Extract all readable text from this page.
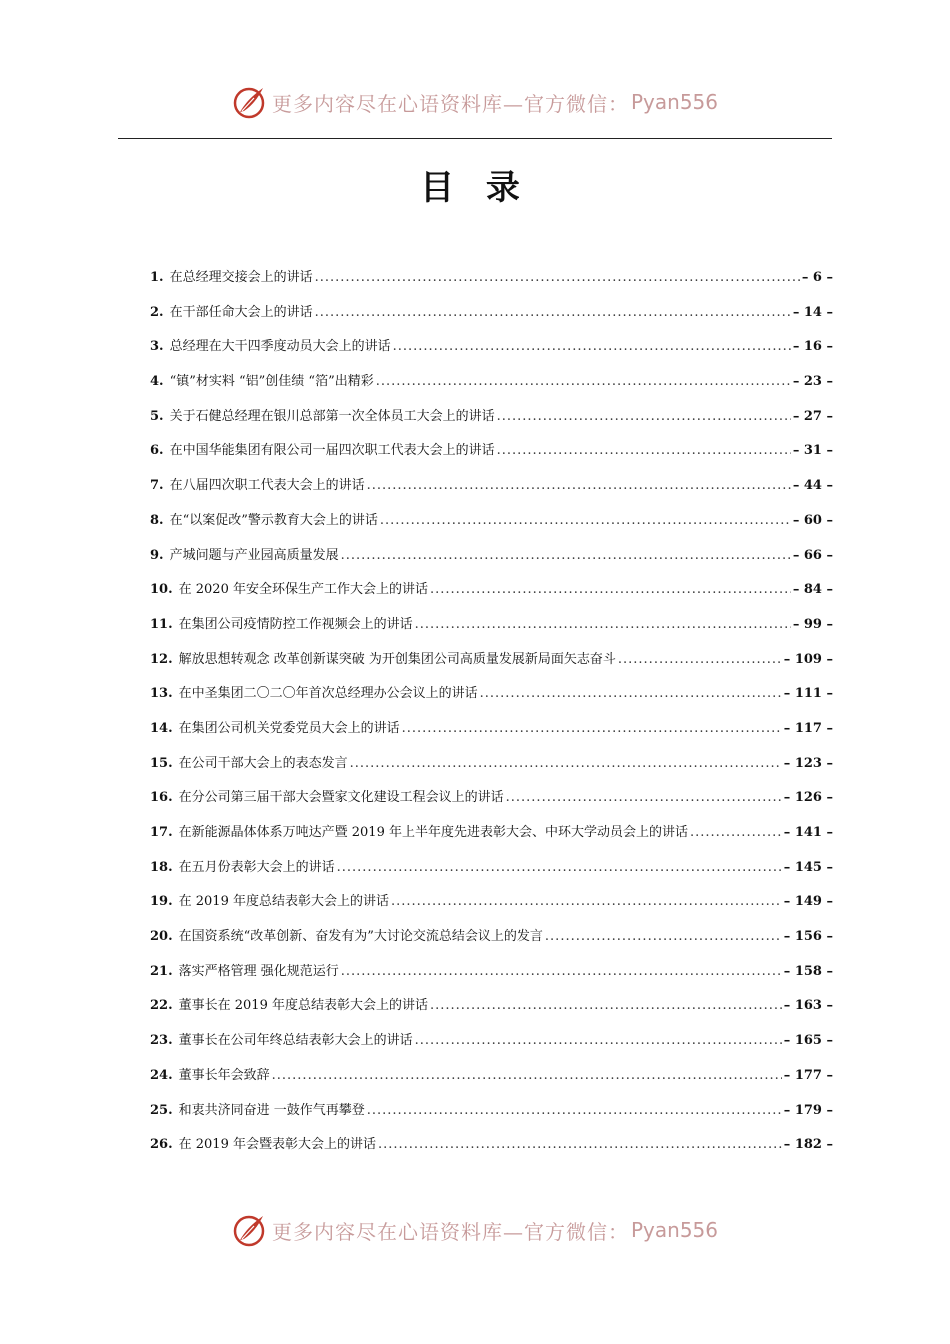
更多内容尽在心语资料库—官方微信： Pyan556
目 录
1. 在总经理交接会上的讲话 .....	– 6 –
2. 在干部任命大会上的讲话 .....	– 14 –
3. 总经理在大干四季度动员大会上的讲话 .....	– 16 –
4. “镇”材实料 “铝”创佳绩 “箔”出精彩 .....	– 23 –
5. 关于石健总经理在银川总部第一次全体员工大会上的讲话 .....	– 27 –
6. 在中国华能集团有限公司一届四次职工代表大会上的讲话 .....	– 31 –
7. 在八届四次职工代表大会上的讲话 .....	– 44 –
8. 在“以案促改”警示教育大会上的讲话 .....	– 60 –
9. 产城问题与产业园高质量发展 .....	– 66 –
10. 在 2020 年安全环保生产工作大会上的讲话 .....	– 84 –
11. 在集团公司疫情防控工作视频会上的讲话 .....	– 99 –
12. 解放思想转观念 改革创新谋突破 为开创集团公司高质量发展新局面矢志奋斗 .....	– 109 –
13. 在中圣集团二〇二〇年首次总经理办公会议上的讲话 .....	– 111 –
14. 在集团公司机关党委党员大会上的讲话 .....	– 117 –
15. 在公司干部大会上的表态发言 .....	– 123 –
16. 在分公司第三届干部大会暨家文化建设工程会议上的讲话 .....	– 126 –
17. 在新能源晶体体系万吨达产暨 2019 年上半年度先进表彰大会、中环大学动员会上的讲话 .....	– 141 –
18. 在五月份表彰大会上的讲话 .....	– 145 –
19. 在 2019 年度总结表彰大会上的讲话 .....	– 149 –
20. 在国资系统“改革创新、奋发有为”大讨论交流总结会议上的发言 .....	– 156 –
21. 落实严格管理 强化规范运行 .....	– 158 –
22. 董事长在 2019 年度总结表彰大会上的讲话 .....	– 163 –
23. 董事长在公司年终总结表彰大会上的讲话 .....	– 165 –
24. 董事长年会致辞 .....	– 177 –
25. 和衷共济同奋进 一鼓作气再攀登 .....	– 179 –
26. 在 2019 年会暨表彰大会上的讲话 .....	– 182 –
更多内容尽在心语资料库—官方微信： Pyan556
